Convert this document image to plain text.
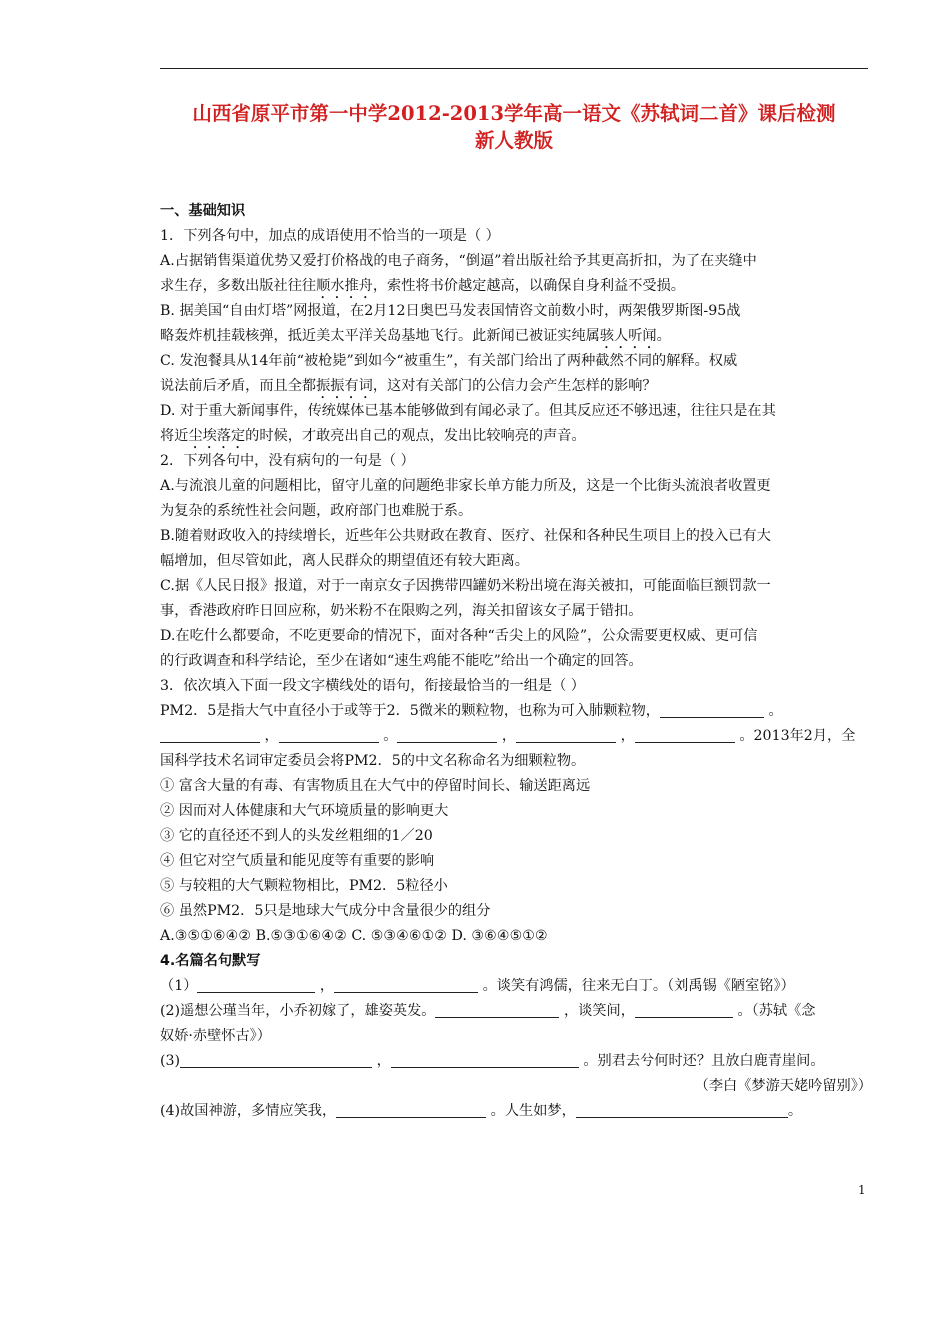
山西省原平市第一中学2012-2013学年高一语文《苏轼词二首》课后检测
新人教版
一、基础知识
1．下列各句中，加点的成语使用不恰当的一项是（ ）
A.占据销售渠道优势又爱打价格战的电子商务，“倒逼”着出版社给予其更高折扣，为了在夹缝中
求生存，多数出版社往往顺水推舟，索性将书价越定越高，以确保自身利益不受损。
B. 据美国“自由灯塔”网报道，在2月12日奥巴马发表国情咨文前数小时，两架俄罗斯图-95战
略轰炸机挂载核弹，抵近美太平洋关岛基地飞行。此新闻已被证实纯属骇人听闻。
C. 发泡餐具从14年前“被枪毙”到如今“被重生”，有关部门给出了两种截然不同的解释。权威
说法前后矛盾，而且全都振振有词，这对有关部门的公信力会产生怎样的影响？
D. 对于重大新闻事件，传统媒体已基本能够做到有闻必录了。但其反应还不够迅速，往往只是在其
将近尘埃落定的时候，才敢亮出自己的观点，发出比较响亮的声音。
2．下列各句中，没有病句的一句是（ ）
A.与流浪儿童的问题相比，留守儿童的问题绝非家长单方能力所及，这是一个比街头流浪者收置更
为复杂的系统性社会问题，政府部门也难脱于系。
B.随着财政收入的持续增长，近些年公共财政在教育、医疗、社保和各种民生项目上的投入已有大
幅增加，但尽管如此，离人民群众的期望值还有较大距离。
C.据《人民日报》报道，对于一南京女子因携带四罐奶米粉出境在海关被扣，可能面临巨额罚款一
事，香港政府昨日回应称，奶米粉不在限购之列，海关扣留该女子属于错扣。
D.在吃什么都要命，不吃更要命的情况下，面对各种“舌尖上的风险”，公众需要更权威、更可信
的行政调查和科学结论，至少在诸如“速生鸡能不能吃”给出一个确定的回答。
3．依次填入下面一段文字横线处的语句，衔接最恰当的一组是（ ）
PM2．5是指大气中直径小于或等于2．5微米的颗粒物，也称为可入肺颗粒物，	。
，	。	，	，	。2013年2月，全
国科学技术名词审定委员会将PM2．5的中文名称命名为细颗粒物。
① 富含大量的有毒、有害物质且在大气中的停留时间长、输送距离远
② 因而对人体健康和大气环境质量的影响更大
③ 它的直径还不到人的头发丝粗细的1／20
④ 但它对空气质量和能见度等有重要的影响
⑤ 与较粗的大气颗粒物相比，PM2．5粒径小
⑥ 虽然PM2．5只是地球大气成分中含量很少的组分
A.③⑤①⑥④② B.⑤③①⑥④② C. ⑤③④⑥①② D. ③⑥④⑤①②
4.名篇名句默写
（1）	，	。谈笑有鸿儒，往来无白丁。（刘禹锡《陋室铭》）
(2)遥想公瑾当年，小乔初嫁了，雄姿英发。	，谈笑间，	。（苏轼《念
奴娇·赤壁怀古》）
(3)	，	。别君去兮何时还？且放白鹿青崖间。
（李白《梦游天姥吟留别》）
(4)故国神游，多情应笑我，	。人生如梦，	。
1
